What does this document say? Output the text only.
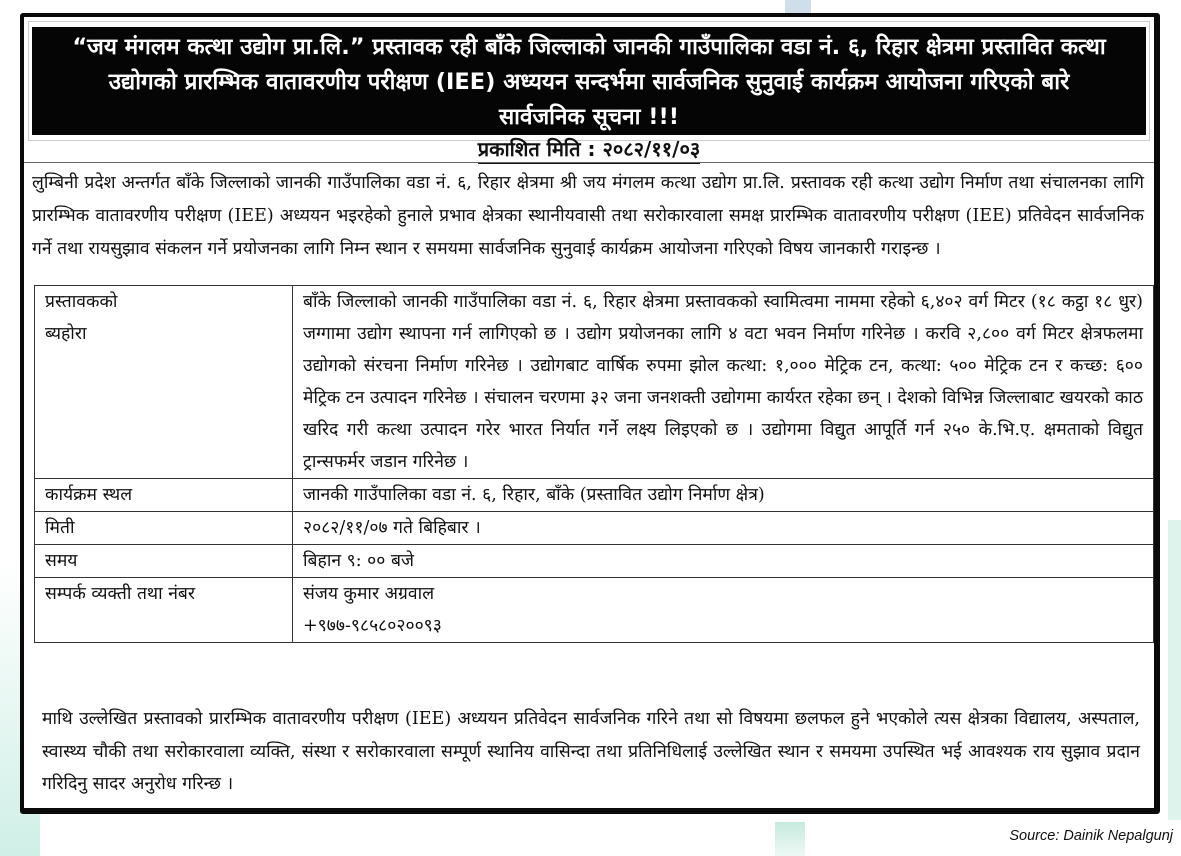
“जय मंगलम कत्था उद्योग प्रा.लि.” प्रस्तावक रही बाँके जिल्लाको जानकी गाउँपालिका वडा नं. ६, रिहार क्षेत्रमा प्रस्तावित कत्था
उद्योगको प्रारम्भिक वातावरणीय परीक्षण (IEE) अध्ययन सन्दर्भमा सार्वजनिक सुनुवाई कार्यक्रम आयोजना गरिएको बारे
सार्वजनिक सूचना !!!
प्रकाशित मिति : २०८२/११/०३
लुम्बिनी प्रदेश अन्तर्गत बाँके जिल्लाको जानकी गाउँपालिका वडा नं. ६, रिहार क्षेत्रमा श्री जय मंगलम कत्था उद्योग प्रा.लि. प्रस्तावक रही कत्था उद्योग निर्माण तथा संचालनका लागि प्रारम्भिक वातावरणीय परीक्षण (IEE) अध्ययन भइरहेको हुनाले प्रभाव क्षेत्रका स्थानीयवासी तथा सरोकारवाला समक्ष प्रारम्भिक वातावरणीय परीक्षण (IEE) प्रतिवेदन सार्वजनिक गर्ने तथा रायसुझाव संकलन गर्ने प्रयोजनका लागि निम्न स्थान र समयमा सार्वजनिक सुनुवाई कार्यक्रम आयोजना गरिएको विषय जानकारी गराइन्छ ।
प्रस्तावकको ब्यहोरा	बाँके जिल्लाको जानकी गाउँपालिका वडा नं. ६, रिहार क्षेत्रमा प्रस्तावकको स्वामित्वमा नाममा रहेको ६,४०२ वर्ग मिटर (१८ कट्ठा १८ धुर) जग्गामा उद्योग स्थापना गर्न लागिएको छ । उद्योग प्रयोजनका लागि ४ वटा भवन निर्माण गरिनेछ । करवि २,८०० वर्ग मिटर क्षेत्रफलमा उद्योगको संरचना निर्माण गरिनेछ । उद्योगबाट वार्षिक रुपमा झोल कत्था: १,००० मेट्रिक टन, कत्था: ५०० मेट्रिक टन र कच्छ: ६०० मेट्रिक टन उत्पादन गरिनेछ । संचालन चरणमा ३२ जना जनशक्ती उद्योगमा कार्यरत रहेका छन् । देशको विभिन्न जिल्लाबाट खयरको काठ खरिद गरी कत्था उत्पादन गरेर भारत निर्यात गर्ने लक्ष्य लिइएको छ । उद्योगमा विद्युत आपूर्ति गर्न २५० के.भि.ए. क्षमताको विद्युत ट्रान्सफर्मर जडान गरिनेछ ।
कार्यक्रम स्थल	जानकी गाउँपालिका वडा नं. ६, रिहार, बाँके (प्रस्तावित उद्योग निर्माण क्षेत्र)
मिती	२०८२/११/०७ गते बिहिबार ।
समय	बिहान ९: ०० बजे
सम्पर्क व्यक्ती तथा नंबर	संजय कुमार अग्रवाल
+९७७-९८५८०२००९३
माथि उल्लेखित प्रस्तावको प्रारम्भिक वातावरणीय परीक्षण (IEE) अध्ययन प्रतिवेदन सार्वजनिक गरिने तथा सो विषयमा छलफल हुने भएकोले त्यस क्षेत्रका विद्यालय, अस्पताल, स्वास्थ्य चौकी तथा सरोकारवाला व्यक्ति, संस्था र सरोकारवाला सम्पूर्ण स्थानिय वासिन्दा तथा प्रतिनिधिलाई उल्लेखित स्थान र समयमा उपस्थित भई आवश्यक राय सुझाव प्रदान गरिदिनु सादर अनुरोध गरिन्छ ।
Source: Dainik Nepalgunj
